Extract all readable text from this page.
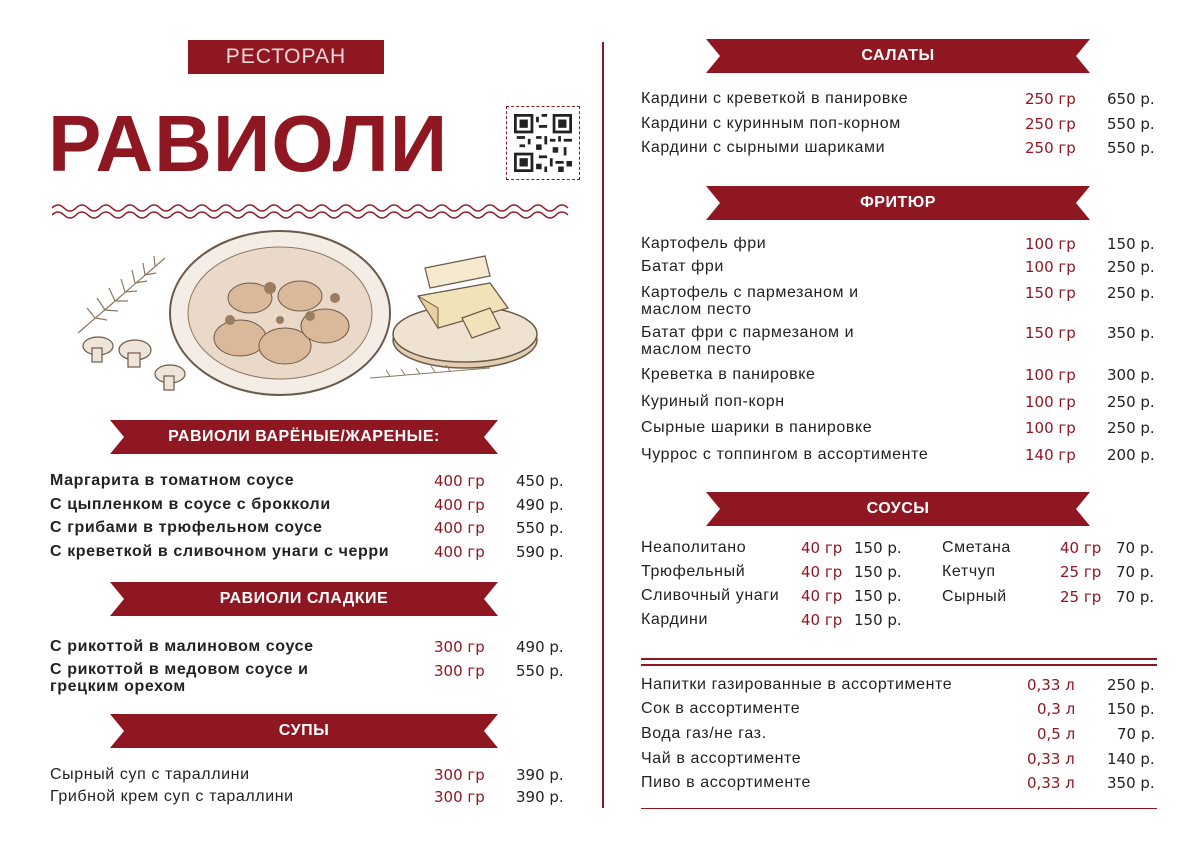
РЕСТОРАН
РАВИОЛИ
РАВИОЛИ ВАРЁНЫЕ/ЖАРЕНЫЕ:
Маргарита в томатном соусе	400 гр 450 р.
С цыпленком в соусе с брокколи	400 гр 490 р.
С грибами в трюфельном соусе	400 гр 550 р.
С креветкой в сливочном унаги с черри	400 гр 590 р.
РАВИОЛИ СЛАДКИЕ
С рикоттой в малиновом соусе	300 гр 490 р.
С рикоттой в медовом соусе и грецким орехом
300 гр 550 р.
СУПЫ
Сырный суп с тараллини	300 гр 390 р.
Грибной крем суп с тараллини	300 гр 390 р.
САЛАТЫ
Кардини с креветкой в панировке	250 гр 650 р.
Кардини с куринным поп-корном	250 гр 550 р.
Кардини с сырными шариками	250 гр 550 р.
ФРИТЮР
Картофель фри	100 гр 150 р.
Батат фри	100 гр 250 р.
Картофель с пармезаном и маслом песто
150 гр 250 р.
Батат фри с пармезаном и маслом песто
150 гр 350 р.
Креветка в панировке	100 гр 300 р.
Куриный поп-корн	100 гр 250 р.
Сырные шарики в панировке	100 гр 250 р.
Чуррос с топпингом в ассортименте	140 гр 200 р.
СОУСЫ
Неаполитано	40 гр 150 р.
Трюфельный	40 гр 150 р.
Сливочный унаги 40 гр 150 р.
Кардини	40 гр 150 р.
Сметана	40 гр 70 р.
Кетчуп	25 гр 70 р.
Сырный	25 гр 70 р.
Напитки газированные в ассортименте	0,33 л 250 р.
Сок в ассортименте	0,3 л 150 р.
Вода газ/не газ.	0,5 л	70 р.
Чай в ассортименте	0,33 л 140 р.
Пиво в ассортименте	0,33 л 350 р.
